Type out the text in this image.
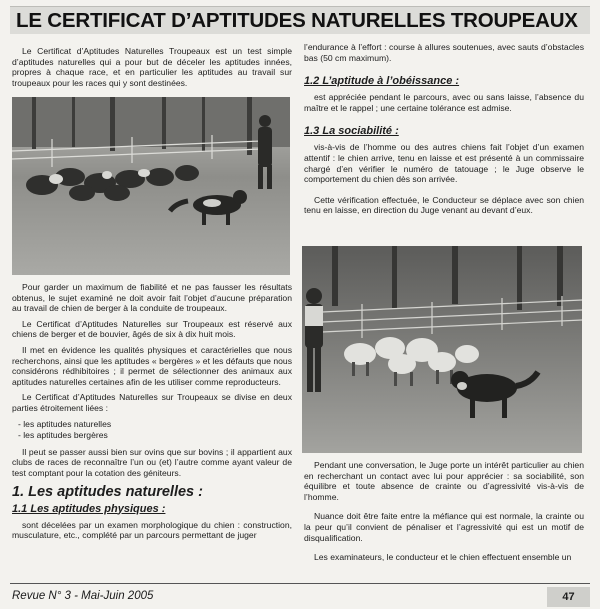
LE CERTIFICAT D’APTITUDES NATURELLES TROUPEAUX

Le Certificat d’Aptitudes Naturelles Troupeaux est un test simple d’aptitudes naturelles qui a pour but de déceler les aptitudes innées, propres à chaque race, et en particulier les aptitudes au travail sur troupeaux pour les races qui y sont destinées.

Pour garder un maximum de fiabilité et ne pas fausser les résultats obtenus, le sujet examiné ne doit avoir fait l’objet d’aucune préparation au travail de chien de berger à la conduite de troupeaux.

Le Certificat d’Aptitudes Naturelles sur Troupeaux est réservé aux chiens de berger et de bouvier, âgés de six à dix huit mois.

Il met en évidence les qualités physiques et caractérielles que nous recherchons, ainsi que les aptitudes « bergères » et les défauts que nous considérons rédhibitoires ; il permet de sélectionner des animaux aux aptitudes naturelles certaines afin de les utiliser comme reproducteurs.

Le Certificat d’Aptitudes Naturelles sur Troupeaux se divise en deux parties étroitement liées :

- les aptitudes naturelles
- les aptitudes bergères

Il peut se passer aussi bien sur ovins que sur bovins ; il appartient aux clubs de races de reconnaître l’un ou (et) l’autre comme ayant valeur de test comptant pour la cotation des géniteurs.

1. Les aptitudes naturelles :
1.1 Les aptitudes physiques :

sont décelées par un examen morphologique du chien : construction, musculature, etc., complété par un parcours permettant de juger

l’endurance à l’effort : course à allures soutenues, avec sauts d’obstacles bas (50 cm maximum).

1.2 L’aptitude à l’obéissance :

est appréciée pendant le parcours, avec ou sans laisse, l’absence du maître et le rappel ; une certaine tolérance est admise.

1.3 La sociabilité :

vis-à-vis de l’homme ou des autres chiens fait l’objet d’un examen attentif : le chien arrive, tenu en laisse et est présenté à un commissaire chargé d’en vérifier le numéro de tatouage ; le Juge observe le comportement du chien dès son arrivée.

Cette vérification effectuée, le Conducteur se déplace avec son chien tenu en laisse, en direction du Juge venant au devant d’eux.

Pendant une conversation, le Juge porte un intérêt particulier au chien en recherchant un contact avec lui pour apprécier : sa sociabilité, son équilibre et toute absence de crainte ou d’agressivité vis-à-vis de l’homme.

Nuance doit être faite entre la méfiance qui est normale, la crainte ou la peur qu’il convient de pénaliser et l’agressivité qui est un motif de disqualification.

Les examinateurs, le conducteur et le chien effectuent ensemble un

Revue N° 3 - Mai-Juin 2005	47
